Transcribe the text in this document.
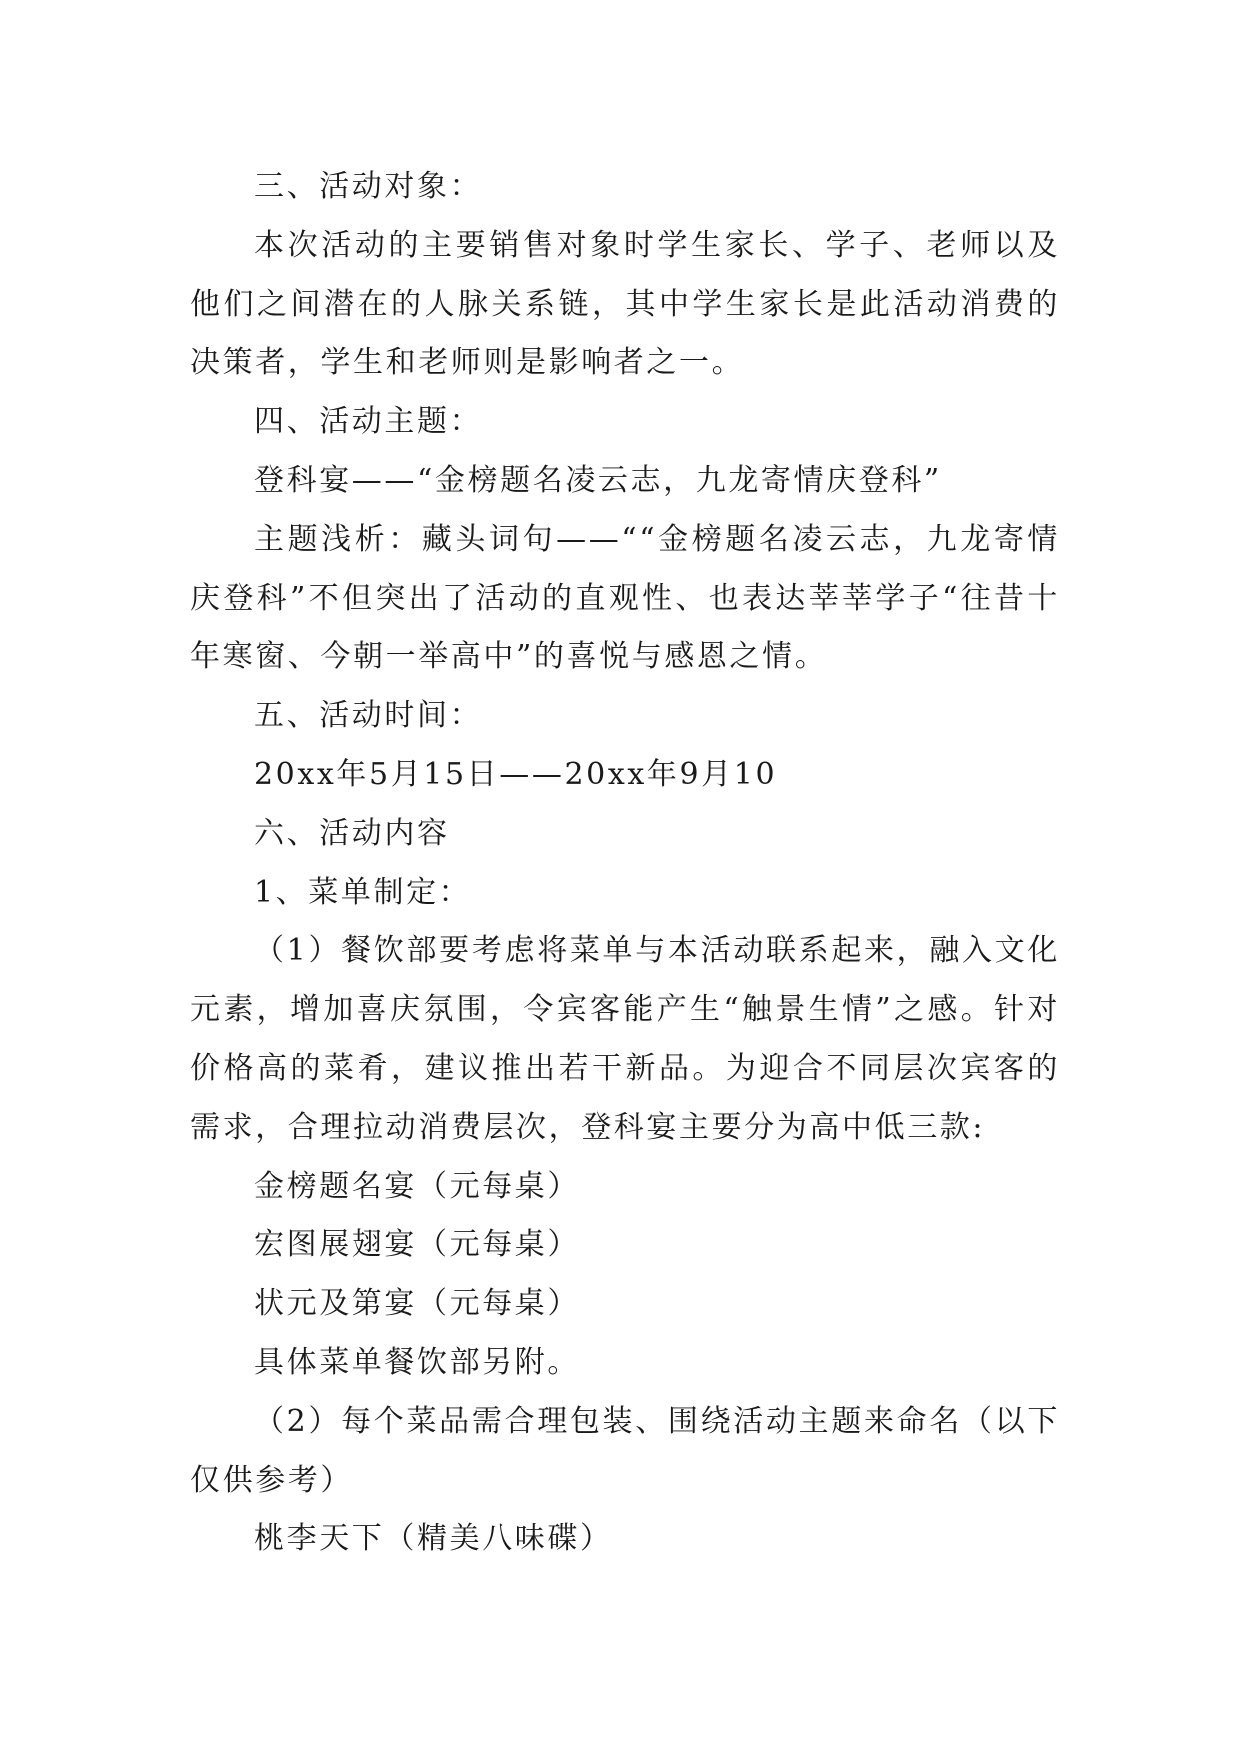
三、活动对象：

本次活动的主要销售对象时学生家长、学子、老师以及他们之间潜在的人脉关系链，其中学生家长是此活动消费的决策者，学生和老师则是影响者之一。

四、活动主题：

登科宴——“金榜题名凌云志，九龙寄情庆登科”

主题浅析：藏头词句——““金榜题名凌云志，九龙寄情庆登科”不但突出了活动的直观性、也表达莘莘学子“往昔十年寒窗、今朝一举高中”的喜悦与感恩之情。

五、活动时间：

20xx年5月15日——20xx年9月10

六、活动内容

1、菜单制定：

（1）餐饮部要考虑将菜单与本活动联系起来，融入文化元素，增加喜庆氛围，令宾客能产生“触景生情”之感。针对价格高的菜肴，建议推出若干新品。为迎合不同层次宾客的需求，合理拉动消费层次，登科宴主要分为高中低三款:

金榜题名宴（元每桌）

宏图展翅宴（元每桌）

状元及第宴（元每桌）

具体菜单餐饮部另附。

（2）每个菜品需合理包装、围绕活动主题来命名（以下仅供参考）

桃李天下（精美八味碟）
